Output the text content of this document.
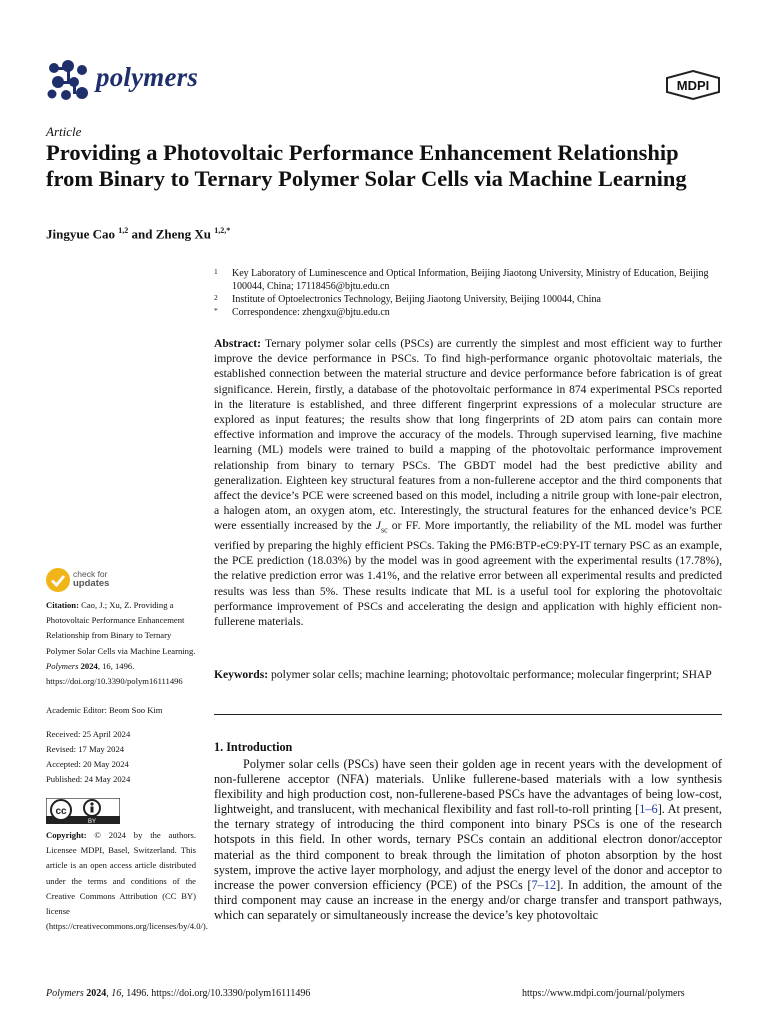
polymers	MDPI
Article
Providing a Photovoltaic Performance Enhancement Relationship from Binary to Ternary Polymer Solar Cells via Machine Learning
Jingyue Cao $^{1,2}$ and Zheng Xu $^{1,2,*}$
1 Key Laboratory of Luminescence and Optical Information, Beijing Jiaotong University, Ministry of Education, Beijing 100044, China; 17118456@bjtu.edu.cn
2 Institute of Optoelectronics Technology, Beijing Jiaotong University, Beijing 100044, China
* Correspondence: zhengxu@bjtu.edu.cn
Abstract: Ternary polymer solar cells (PSCs) are currently the simplest and most efficient way to further improve the device performance in PSCs. To find high-performance organic photovoltaic materials, the established connection between the material structure and device performance before fabrication is of great significance. Herein, firstly, a database of the photovoltaic performance in 874 experimental PSCs reported in the literature is established, and three different fingerprint expressions of a molecular structure are explored as input features; the results show that long fingerprints of 2D atom pairs can contain more effective information and improve the accuracy of the models. Through supervised learning, five machine learning (ML) models were trained to build a mapping of the photovoltaic performance improvement relationship from binary to ternary PSCs. The GBDT model had the best predictive ability and generalization. Eighteen key structural features from a non-fullerene acceptor and the third components that affect the device’s PCE were screened based on this model, including a nitrile group with lone-pair electron, a halogen atom, an oxygen atom, etc. Interestingly, the structural features for the enhanced device’s PCE were essentially increased by the $J_{sc}$ or FF. More importantly, the reliability of the ML model was further verified by preparing the highly efficient PSCs. Taking the PM6:BTP-eC9:PY-IT ternary PSC as an example, the PCE prediction (18.03%) by the model was in good agreement with the experimental results (17.78%), the relative prediction error was 1.41%, and the relative error between all experimental results and predicted results was less than 5%. These results indicate that ML is a useful tool for exploring the photovoltaic performance improvement of PSCs and accelerating the design and application with highly efficient non-fullerene materials.
Keywords: polymer solar cells; machine learning; photovoltaic performance; molecular fingerprint; SHAP
1. Introduction
Polymer solar cells (PSCs) have seen their golden age in recent years with the development of non-fullerene acceptor (NFA) materials. Unlike fullerene-based materials with a low synthesis flexibility and high production cost, non-fullerene-based PSCs have the advantages of being low-cost, lightweight, and translucent, with mechanical flexibility and fast roll-to-roll printing [1–6]. At present, the ternary strategy of introducing the third component into binary PSCs is one of the research hotspots in this field. In other words, ternary PSCs contain an additional electron donor/acceptor material as the third component to break through the limitation of photon absorption by the host system, improve the active layer morphology, and adjust the energy level of the donor and acceptor to increase the power conversion efficiency (PCE) of the PSCs [7–12]. In addition, the amount of the third component may cause an increase in the energy and/or charge transfer and transport pathways, which can separately or simultaneously increase the device’s key photovoltaic
check for
updates
Citation: Cao, J.; Xu, Z. Providing a Photovoltaic Performance Enhancement Relationship from Binary to Ternary Polymer Solar Cells via Machine Learning. Polymers 2024, 16, 1496. https://doi.org/10.3390/polym16111496
Academic Editor: Beom Soo Kim
Received: 25 April 2024
Revised: 17 May 2024
Accepted: 20 May 2024
Published: 24 May 2024
cc
BY
Copyright: © 2024 by the authors. Licensee MDPI, Basel, Switzerland. This article is an open access article distributed under the terms and conditions of the Creative Commons Attribution (CC BY) license (https://creativecommons.org/licenses/by/4.0/).
Polymers 2024, 16, 1496. https://doi.org/10.3390/polym16111496	https://www.mdpi.com/journal/polymers
